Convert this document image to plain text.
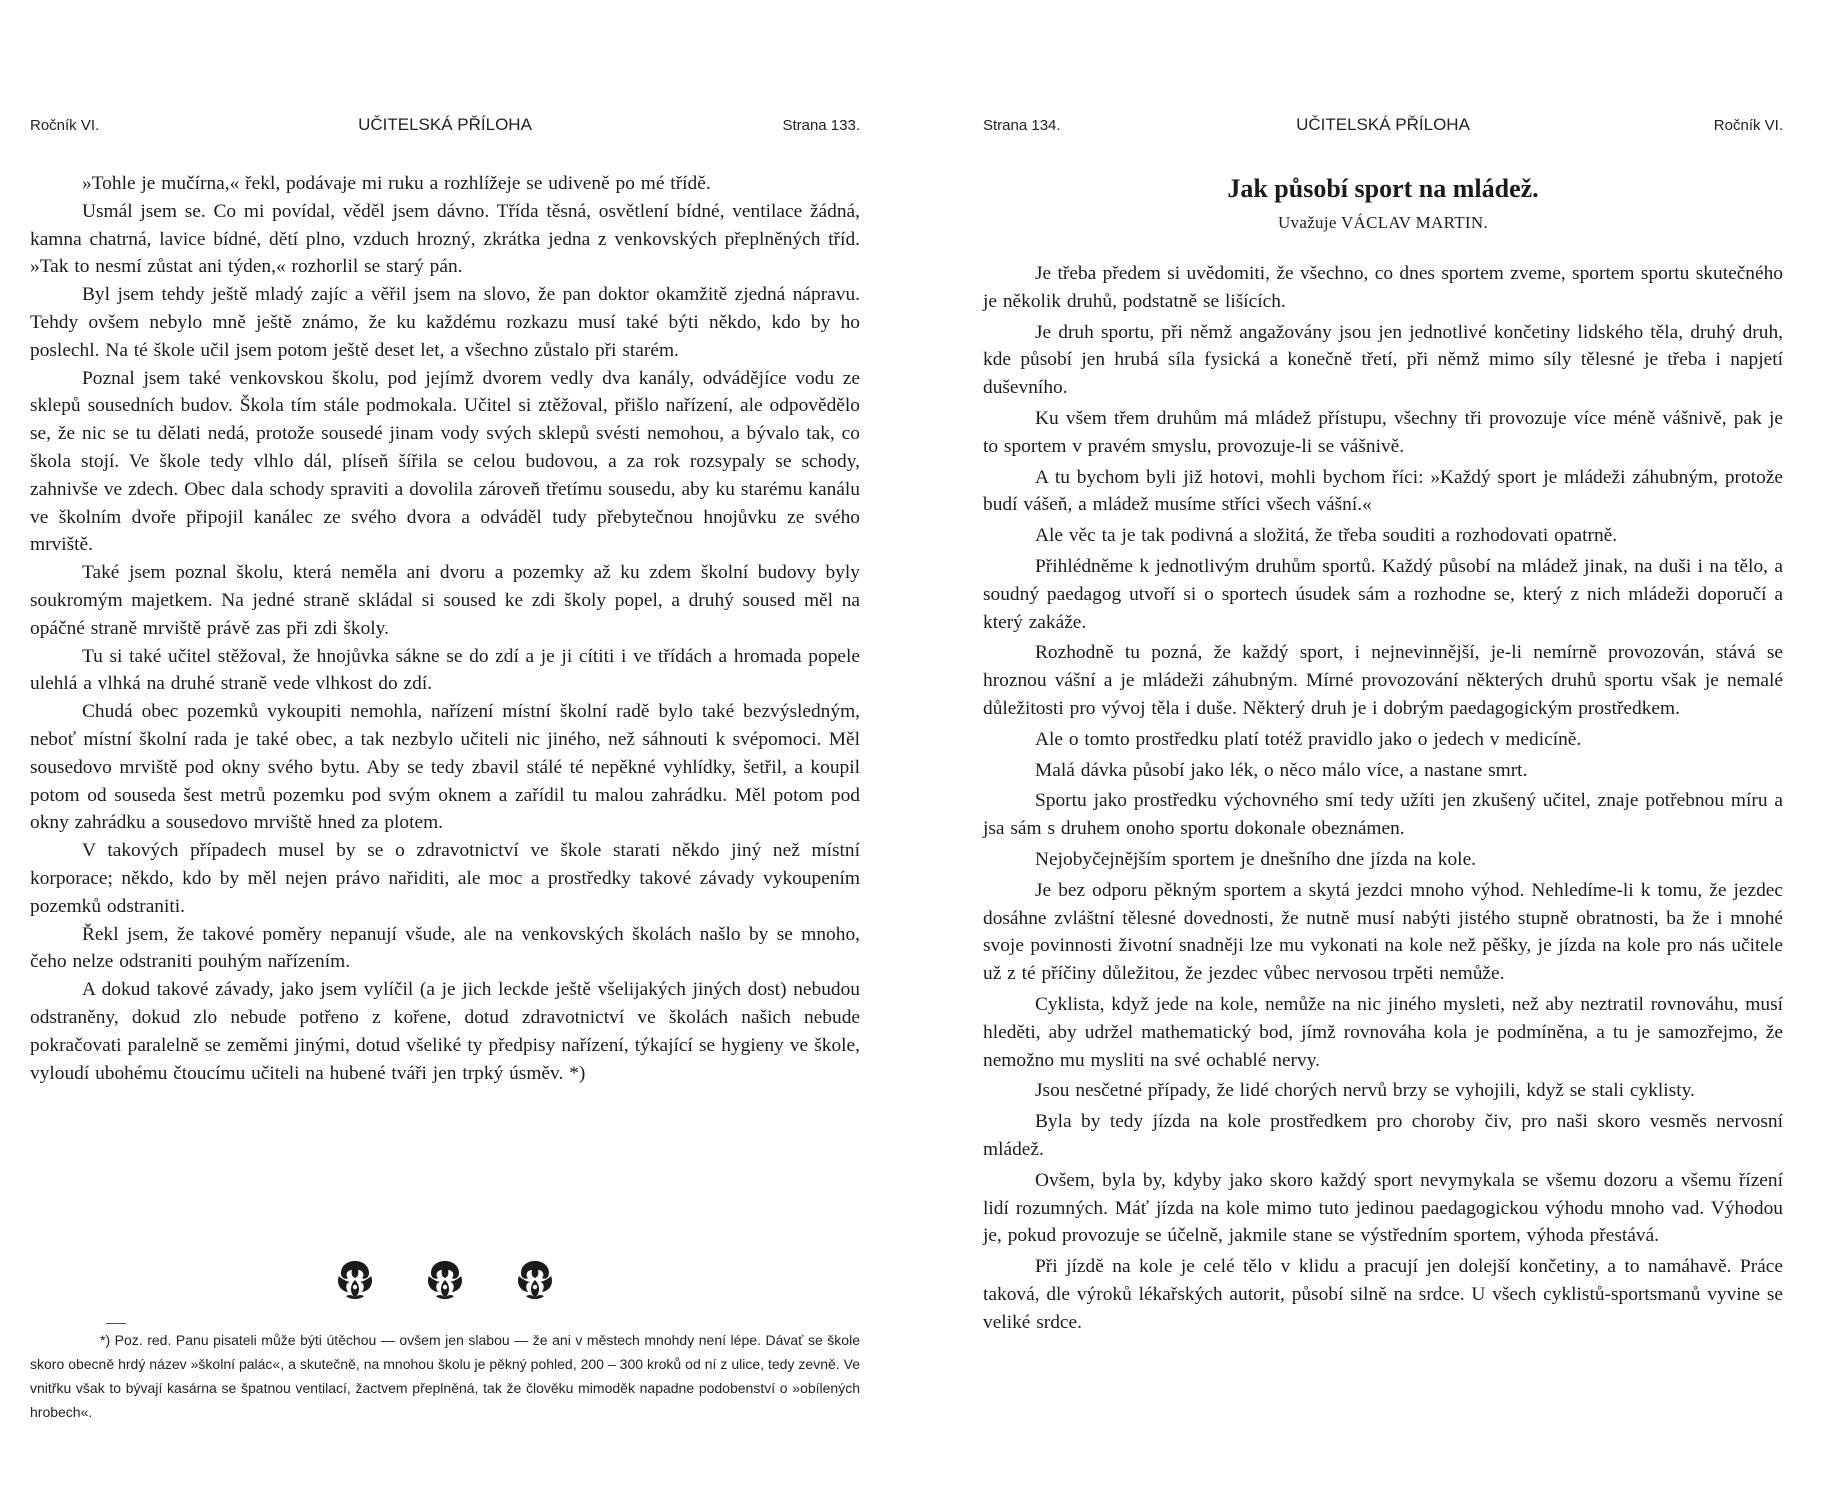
Ročník VI.	UČITELSKÁ PŘÍLOHA	Strana 133.

»Tohle je mučírna,« řekl, podávaje mi ruku a rozhlížeje se udiveně po mé třídě.

Usmál jsem se. Co mi povídal, věděl jsem dávno. Třída těsná, osvětlení bídné, ventilace žádná, kamna chatrná, lavice bídné, dětí plno, vzduch hrozný, zkrátka jedna z venkovských přeplněných tříd. »Tak to nesmí zůstat ani týden,« rozhorlil se starý pán.

Byl jsem tehdy ještě mladý zajíc a věřil jsem na slovo, že pan doktor okamžitě zjedná nápravu. Tehdy ovšem nebylo mně ještě známo, že ku každému rozkazu musí také býti někdo, kdo by ho poslechl. Na té škole učil jsem potom ještě deset let, a všechno zůstalo při starém.

Poznal jsem také venkovskou školu, pod jejímž dvorem vedly dva kanály, odvádějíce vodu ze sklepů sousedních budov. Škola tím stále podmokala. Učitel si ztěžoval, přišlo nařízení, ale odpovědělo se, že nic se tu dělati nedá, protože sousedé jinam vody svých sklepů svésti nemohou, a bývalo tak, co škola stojí. Ve škole tedy vlhlo dál, plíseň šířila se celou budovou, a za rok rozsypaly se schody, zahnivše ve zdech. Obec dala schody spraviti a dovolila zároveň třetímu sousedu, aby ku starému kanálu ve školním dvoře připojil kanálec ze svého dvora a odváděl tudy přebytečnou hnojůvku ze svého mrviště.

Také jsem poznal školu, která neměla ani dvoru a pozemky až ku zdem školní budovy byly soukromým majetkem. Na jedné straně skládal si soused ke zdi školy popel, a druhý soused měl na opáčné straně mrviště právě zas při zdi školy.

Tu si také učitel stěžoval, že hnojůvka sákne se do zdí a je ji cítiti i ve třídách a hromada popele ulehlá a vlhká na druhé straně vede vlhkost do zdí.

Chudá obec pozemků vykoupiti nemohla, nařízení místní školní radě bylo také bezvýsledným, neboť místní školní rada je také obec, a tak nezbylo učiteli nic jiného, než sáhnouti k svépomoci. Měl sousedovo mrviště pod okny svého bytu. Aby se tedy zbavil stálé té nepěkné vyhlídky, šetřil, a koupil potom od souseda šest metrů pozemku pod svým oknem a zařídil tu malou zahrádku. Měl potom pod okny zahrádku a sousedovo mrviště hned za plotem.

V takových případech musel by se o zdravotnictví ve škole starati někdo jiný než místní korporace; někdo, kdo by měl nejen právo nařiditi, ale moc a prostředky takové závady vykoupením pozemků odstraniti.

Řekl jsem, že takové poměry nepanují všude, ale na venkovských školách našlo by se mnoho, čeho nelze odstraniti pouhým nařízením.

A dokud takové závady, jako jsem vylíčil (a je jich leckde ještě všelijakých jiných dost) nebudou odstraněny, dokud zlo nebude potřeno z kořene, dotud zdravotnictví ve školách našich nebude pokračovati paralelně se zeměmi jinými, dotud všeliké ty předpisy nařízení, týkající se hygieny ve škole, vyloudí ubohému čtoucímu učiteli na hubené tváři jen trpký úsměv. *)

*) Poz. red. Panu pisateli může býti útěchou — ovšem jen slabou — že ani v městech mnohdy není lépe. Dávať se škole skoro obecně hrdý název »školní palác«, a skutečně, na mnohou školu je pěkný pohled, 200 – 300 kroků od ní z ulice, tedy zevně. Ve vnitřku však to bývají kasárna se špatnou ventilací, žactvem přeplněná, tak že člověku mimoděk napadne podobenství o »obílených hrobech«.

Strana 134.	UČITELSKÁ PŘÍLOHA	Ročník VI.
Jak působí sport na mládež.
Uvažuje VÁCLAV MARTIN.

Je třeba předem si uvědomiti, že všechno, co dnes sportem zveme, sportem sportu skutečného je několik druhů, podstatně se lišících.

Je druh sportu, při němž angažovány jsou jen jednotlivé končetiny lidského těla, druhý druh, kde působí jen hrubá síla fysická a konečně třetí, při němž mimo síly tělesné je třeba i napjetí duševního.

Ku všem třem druhům má mládež přístupu, všechny tři provozuje více méně vášnivě, pak je to sportem v pravém smyslu, provozuje-li se vášnivě.

A tu bychom byli již hotovi, mohli bychom říci: »Každý sport je mládeži záhubným, protože budí vášeň, a mládež musíme stříci všech vášní.«

Ale věc ta je tak podivná a složitá, že třeba souditi a rozhodovati opatrně.

Přihlédněme k jednotlivým druhům sportů. Každý působí na mládež jinak, na duši i na tělo, a soudný paedagog utvoří si o sportech úsudek sám a rozhodne se, který z nich mládeži doporučí a který zakáže.

Rozhodně tu pozná, že každý sport, i nejnevinnější, je-li nemírně provozován, stává se hroznou vášní a je mládeži záhubným. Mírné provozování některých druhů sportu však je nemalé důležitosti pro vývoj těla i duše. Některý druh je i dobrým paedagogickým prostředkem.

Ale o tomto prostředku platí totéž pravidlo jako o jedech v medicíně.

Malá dávka působí jako lék, o něco málo více, a nastane smrt.

Sportu jako prostředku výchovného smí tedy užíti jen zkušený učitel, znaje potřebnou míru a jsa sám s druhem onoho sportu dokonale obeznámen.

Nejobyčejnějším sportem je dnešního dne jízda na kole.

Je bez odporu pěkným sportem a skytá jezdci mnoho výhod. Nehledíme-li k tomu, že jezdec dosáhne zvláštní tělesné dovednosti, že nutně musí nabýti jistého stupně obratnosti, ba že i mnohé svoje povinnosti životní snadněji lze mu vykonati na kole než pěšky, je jízda na kole pro nás učitele už z té příčiny důležitou, že jezdec vůbec nervosou trpěti nemůže.

Cyklista, když jede na kole, nemůže na nic jiného mysleti, než aby neztratil rovnováhu, musí hleděti, aby udržel mathematický bod, jímž rovnováha kola je podmíněna, a tu je samozřejmo, že nemožno mu mysliti na své ochablé nervy.

Jsou nesčetné případy, že lidé chorých nervů brzy se vyhojili, když se stali cyklisty.

Byla by tedy jízda na kole prostředkem pro choroby čiv, pro naši skoro vesměs nervosní mládež.

Ovšem, byla by, kdyby jako skoro každý sport nevymykala se všemu dozoru a všemu řízení lidí rozumných. Máť jízda na kole mimo tuto jedinou paedagogickou výhodu mnoho vad. Výhodou je, pokud provozuje se účelně, jakmile stane se výstředním sportem, výhoda přestává.

Při jízdě na kole je celé tělo v klidu a pracují jen dolejší končetiny, a to namáhavě. Práce taková, dle výroků lékařských autorit, působí silně na srdce. U všech cyklistů-sportsmanů vyvine se veliké srdce.
